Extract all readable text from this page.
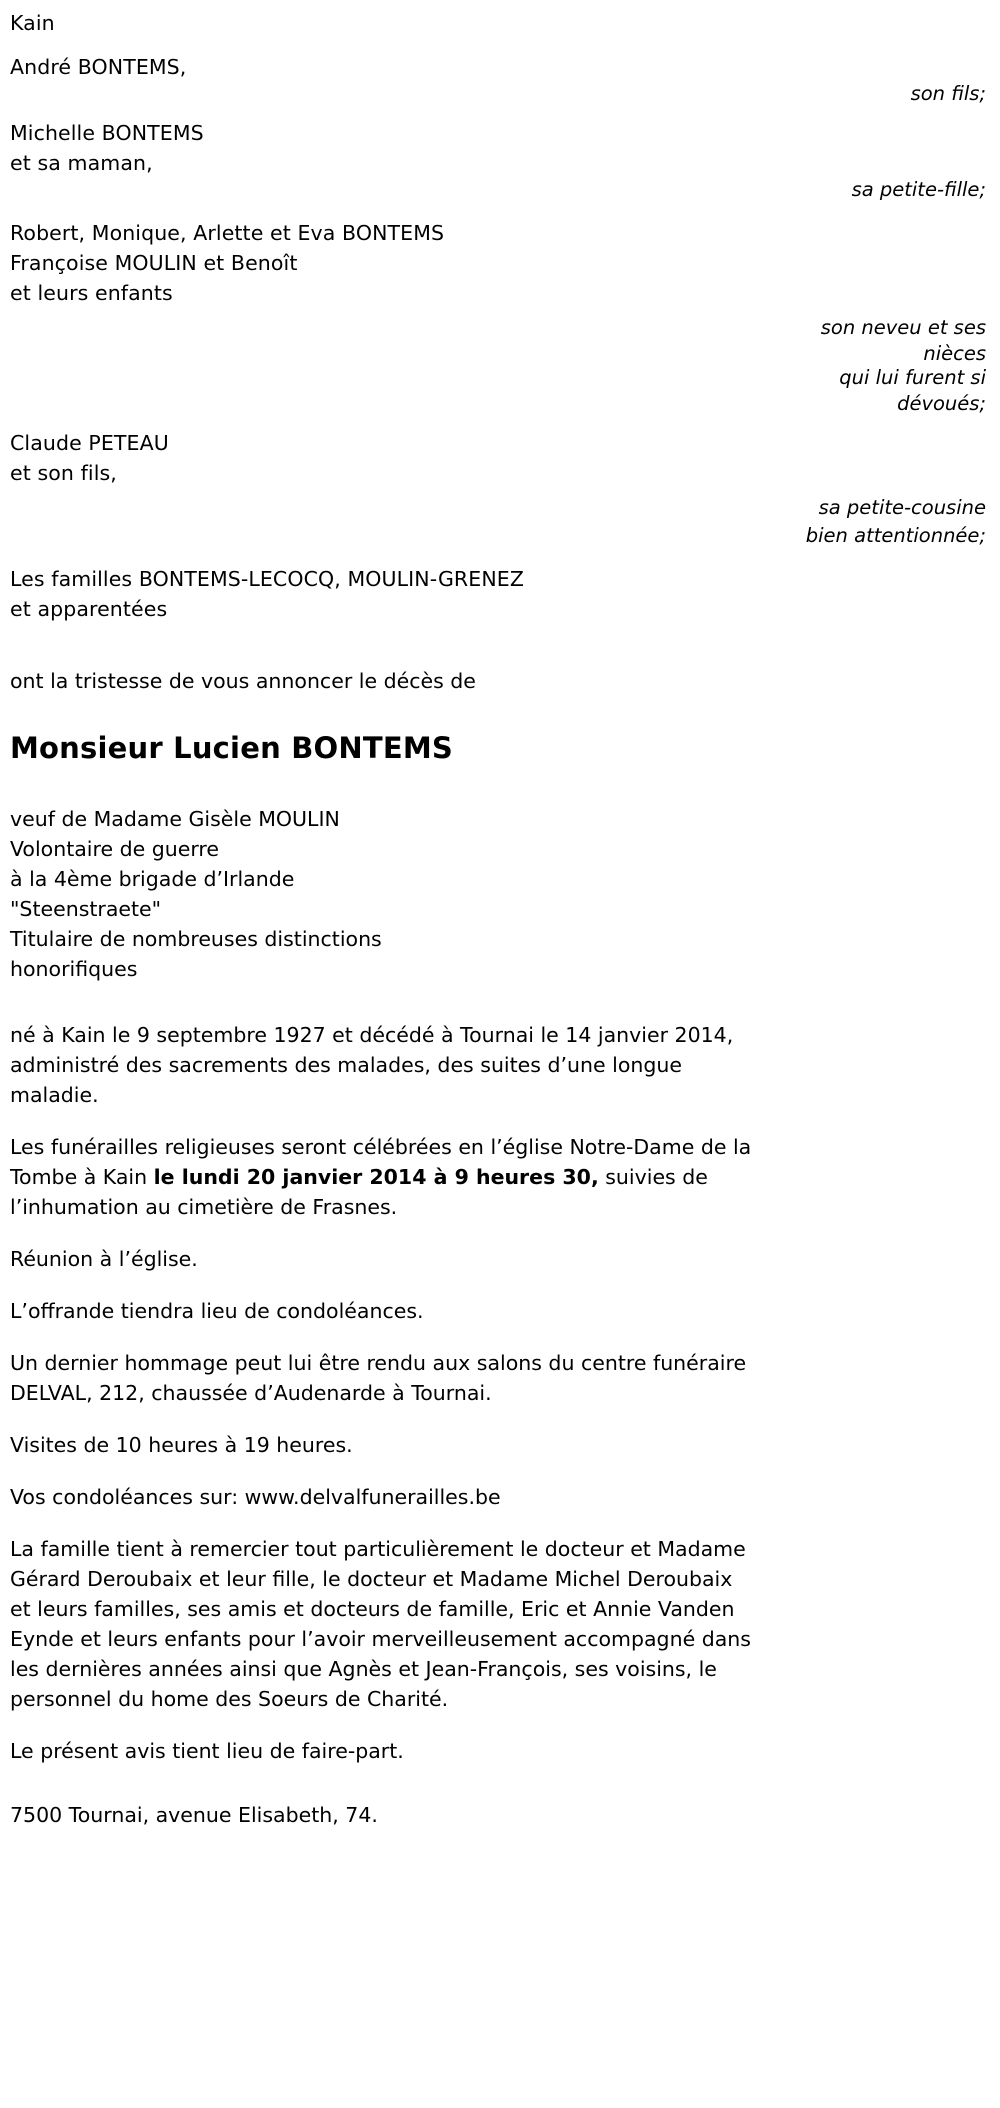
Kain
André BONTEMS,
son fils;
Michelle BONTEMS
et sa maman,
sa petite-fille;
Robert, Monique, Arlette et Eva BONTEMS
Françoise MOULIN et Benoît
et leurs enfants
son neveu et ses
nièces
qui lui furent si
dévoués;
Claude PETEAU
et son fils,
sa petite-cousine
bien attentionnée;
Les familles BONTEMS-LECOCQ, MOULIN-GRENEZ
et apparentées

ont la tristesse de vous annoncer le décès de

Monsieur Lucien BONTEMS
veuf de Madame Gisèle MOULIN
Volontaire de guerre
à la 4ème brigade d’Irlande
"Steenstraete"
Titulaire de nombreuses distinctions
honorifiques

né à Kain le 9 septembre 1927 et décédé à Tournai le 14 janvier 2014, administré des sacrements des malades, des suites d’une longue maladie.

Les funérailles religieuses seront célébrées en l’église Notre-Dame de la Tombe à Kain le lundi 20 janvier 2014 à 9 heures 30, suivies de l’inhumation au cimetière de Frasnes.

Réunion à l’église.

L’offrande tiendra lieu de condoléances.

Un dernier hommage peut lui être rendu aux salons du centre funéraire DELVAL, 212, chaussée d’Audenarde à Tournai.

Visites de 10 heures à 19 heures.

Vos condoléances sur: www.delvalfunerailles.be

La famille tient à remercier tout particulièrement le docteur et Madame Gérard Deroubaix et leur fille, le docteur et Madame Michel Deroubaix et leurs familles, ses amis et docteurs de famille, Eric et Annie Vanden Eynde et leurs enfants pour l’avoir merveilleusement accompagné dans les dernières années ainsi que Agnès et Jean-François, ses voisins, le personnel du home des Soeurs de Charité.

Le présent avis tient lieu de faire-part.

7500 Tournai, avenue Elisabeth, 74.
